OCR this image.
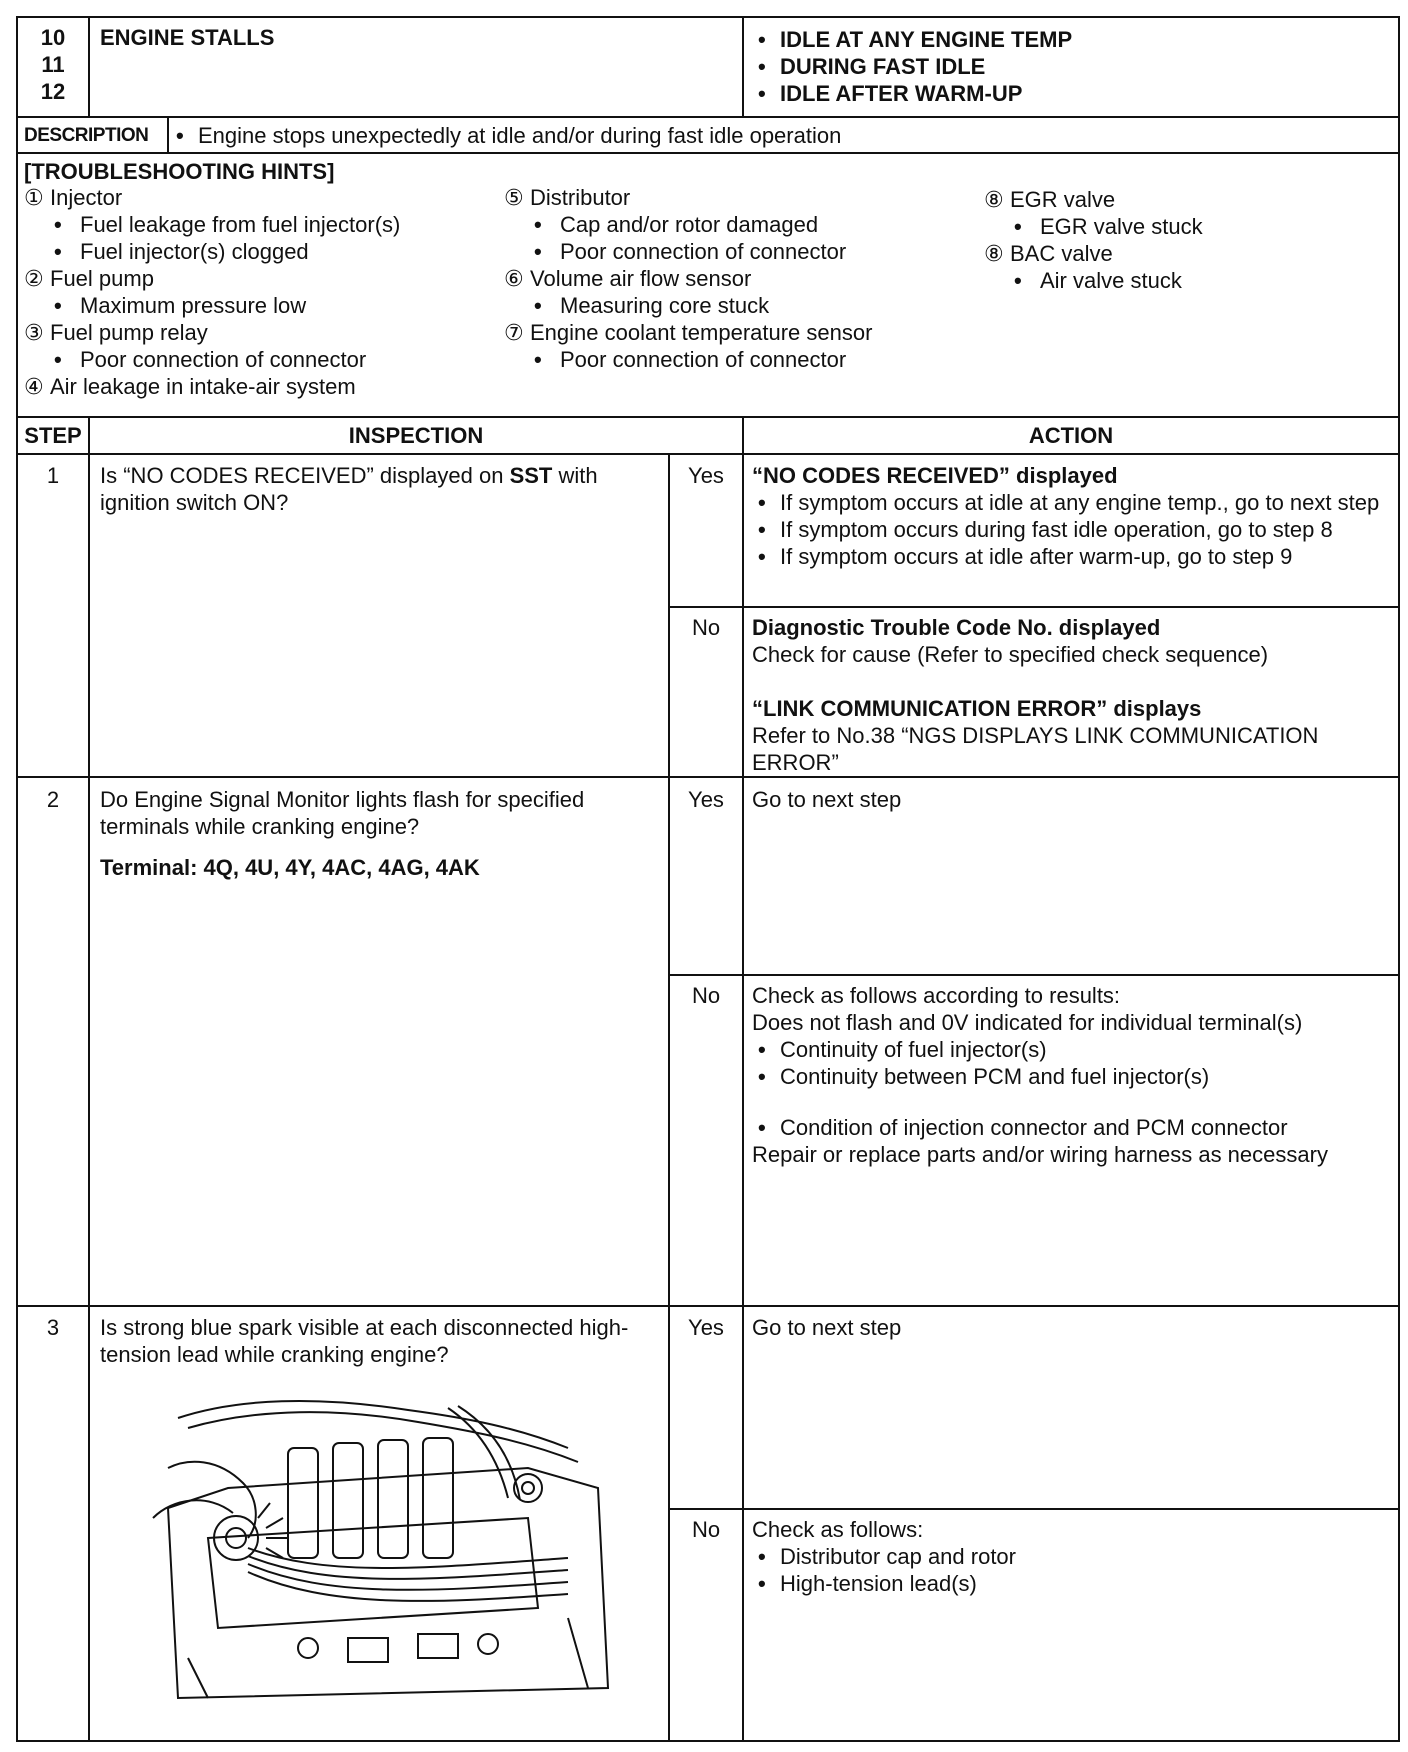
10
11
12
ENGINE STALLS	• IDLE AT ANY ENGINE TEMP
• DURING FAST IDLE
• IDLE AFTER WARM-UP
DESCRIPTION	• Engine stops unexpectedly at idle and/or during fast idle operation
[TROUBLESHOOTING HINTS]
① Injector
• Fuel leakage from fuel injector(s)
• Fuel injector(s) clogged
② Fuel pump
• Maximum pressure low
③ Fuel pump relay
• Poor connection of connector
④ Air leakage in intake-air system
⑤ Distributor
• Cap and/or rotor damaged
• Poor connection of connector
⑥ Volume air flow sensor
• Measuring core stuck
⑦ Engine coolant temperature sensor
• Poor connection of connector
⑧ EGR valve
• EGR valve stuck
⑧ BAC valve
• Air valve stuck
STEP	INSPECTION	ACTION
1	Is “NO CODES RECEIVED” displayed on SST with ignition switch ON?
Yes	“NO CODES RECEIVED” displayed
• If symptom occurs at idle at any engine temp., go to next step
• If symptom occurs during fast idle operation, go to step 8
• If symptom occurs at idle after warm-up, go to step 9
No	Diagnostic Trouble Code No. displayed
Check for cause (Refer to specified check sequence)
“LINK COMMUNICATION ERROR” displays
Refer to No.38 “NGS DISPLAYS LINK COMMUNICATION ERROR”
2	Do Engine Signal Monitor lights flash for specified terminals while cranking engine?
Terminal: 4Q, 4U, 4Y, 4AC, 4AG, 4AK
Yes	Go to next step
No	Check as follows according to results:
Does not flash and 0V indicated for individual terminal(s)
• Continuity of fuel injector(s)
• Continuity between PCM and fuel injector(s)
• Condition of injection connector and PCM connector
Repair or replace parts and/or wiring harness as necessary
3	Is strong blue spark visible at each disconnected high-tension lead while cranking engine?
Yes	Go to next step
No	Check as follows:
• Distributor cap and rotor
• High-tension lead(s)
